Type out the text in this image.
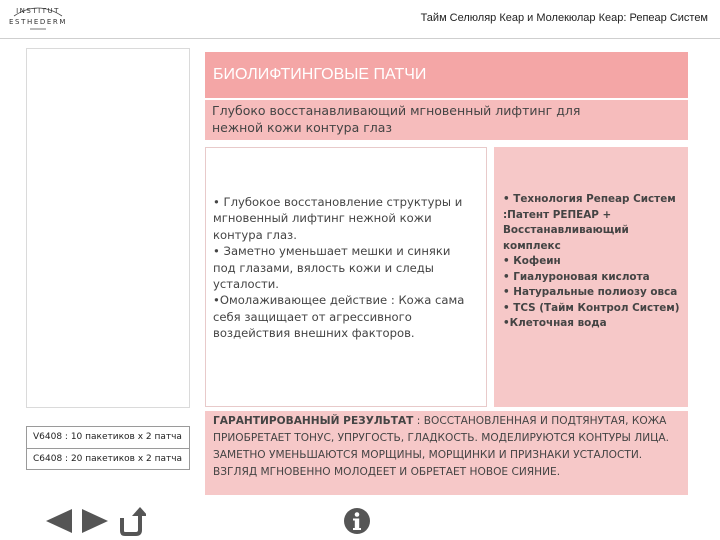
INSTITUT
ESTHEDERM	Тайм Селюляр Кеар и Молекюлар Кеар: Репеар Систем
V6408 : 10 пакетиков x 2 патча
C6408 : 20 пакетиков x 2 патча
БИОЛИФТИНГОВЫЕ ПАТЧИ
Глубоко восстанавливающий мгновенный лифтинг для
нежной кожи контура глаз
• Глубокое восстановление структуры и мгновенный лифтинг нежной кожи контура глаз.
• Заметно уменьшает мешки и синяки под глазами, вялость кожи и следы усталости.
•Омолаживающее действие : Кожа сама себя защищает от агрессивного воздействия внешних факторов.
• Технология Репеар Систем :Патент РЕПЕАР + Восстанавливающий комплекс
• Кофеин
• Гиалуроновая кислота
• Натуральные полиозу овса
• TCS (Тайм Контрол Систем)
•Клеточная вода
ГАРАНТИРОВАННЫЙ РЕЗУЛЬТАТ : ВОССТАНОВЛЕННАЯ И ПОДТЯНУТАЯ, КОЖА ПРИОБРЕТАЕТ ТОНУС, УПРУГОСТЬ, ГЛАДКОСТЬ. МОДЕЛИРУЮТСЯ КОНТУРЫ ЛИЦА. ЗАМЕТНО УМЕНЬШАЮТСЯ МОРЩИНЫ, МОРЩИНКИ И ПРИЗНАКИ УСТАЛОСТИ. ВЗГЛЯД МГНОВЕННО МОЛОДЕЕТ И ОБРЕТАЕТ НОВОЕ СИЯНИЕ.
